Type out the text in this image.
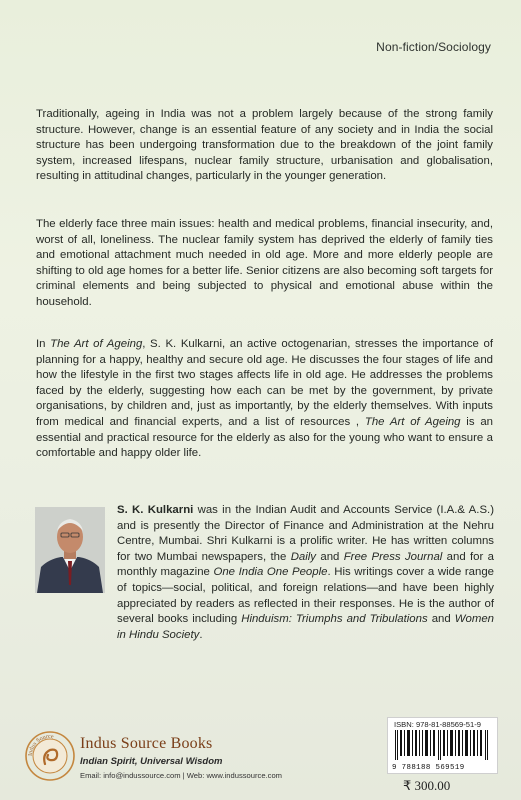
Non-fiction/Sociology

Traditionally, ageing in India was not a problem largely because of the strong family structure. However, change is an essential feature of any society and in India the social structure has been undergoing transformation due to the breakdown of the joint family system, increased lifespans, nuclear family structure, urbanisation and globalisation, resulting in attitudinal changes, particularly in the younger generation.

The elderly face three main issues: health and medical problems, financial insecurity, and, worst of all, loneliness. The nuclear family system has deprived the elderly of family ties and emotional attachment much needed in old age. More and more elderly people are shifting to old age homes for a better life. Senior citizens are also becoming soft targets for criminal elements and being subjected to physical and emotional abuse within the household.

In The Art of Ageing, S. K. Kulkarni, an active octogenarian, stresses the importance of planning for a happy, healthy and secure old age. He discusses the four stages of life and how the lifestyle in the first two stages affects life in old age. He addresses the problems faced by the elderly, suggesting how each can be met by the government, by private organisations, by children and, just as importantly, by the elderly themselves. With inputs from medical and financial experts, and a list of resources , The Art of Ageing is an essential and practical resource for the elderly as also for the young who want to ensure a comfortable and happy older life.

S. K. Kulkarni was in the Indian Audit and Accounts Service (I.A.& A.S.) and is presently the Director of Finance and Administration at the Nehru Centre, Mumbai. Shri Kulkarni is a prolific writer. He has written columns for two Mumbai newspapers, the Daily and Free Press Journal and for a monthly magazine One India One People. His writings cover a wide range of topics—social, political, and foreign relations—and have been highly appreciated by readers as reflected in their responses. He is the author of several books including Hinduism: Triumphs and Tribulations and Women in Hindu Society.

Indus Source Indus Source Books
Indian Spirit, Universal Wisdom
Email: info@indussource.com | Web: www.indussource.com
ISBN: 978-81-88569-51-9
9 788188 569519
₹ 300.00
